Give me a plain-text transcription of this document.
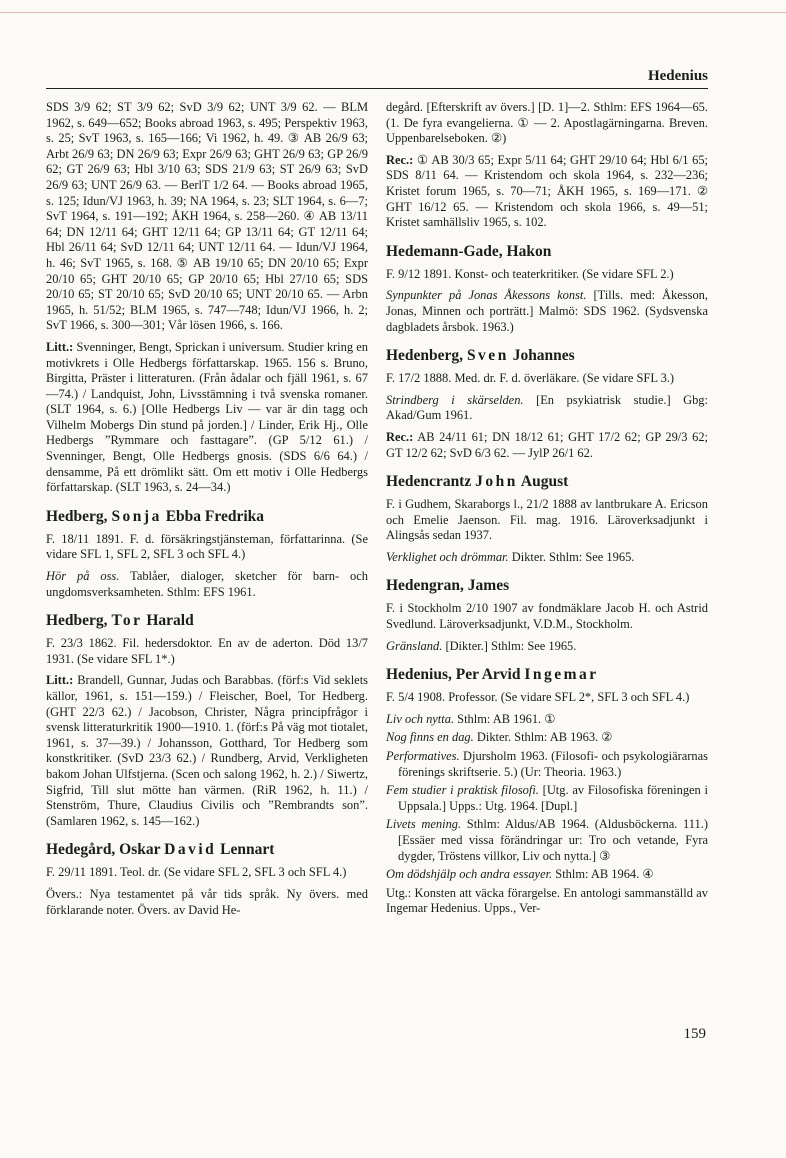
Hedenius

SDS 3/9 62; ST 3/9 62; SvD 3/9 62; UNT 3/9 62. — BLM 1962, s. 649—652; Books abroad 1963, s. 495; Perspektiv 1963, s. 25; SvT 1963, s. 165—166; Vi 1962, h. 49. ③ AB 26/9 63; Arbt 26/9 63; DN 26/9 63; Expr 26/9 63; GHT 26/9 63; GP 26/9 62; GT 26/9 63; Hbl 3/10 63; SDS 21/9 63; ST 26/9 63; SvD 26/9 63; UNT 26/9 63. — BerlT 1/2 64. — Books abroad 1965, s. 125; Idun/VJ 1963, h. 39; NA 1964, s. 23; SLT 1964, s. 6—7; SvT 1964, s. 191—192; ÅKH 1964, s. 258—260. ④ AB 13/11 64; DN 12/11 64; GHT 12/11 64; GP 13/11 64; GT 12/11 64; Hbl 26/11 64; SvD 12/11 64; UNT 12/11 64. — Idun/VJ 1964, h. 46; SvT 1965, s. 168. ⑤ AB 19/10 65; DN 20/10 65; Expr 20/10 65; GHT 20/10 65; GP 20/10 65; Hbl 27/10 65; SDS 20/10 65; ST 20/10 65; SvD 20/10 65; UNT 20/10 65. — Arbn 1965, h. 51/52; BLM 1965, s. 747—748; Idun/VJ 1966, h. 2; SvT 1966, s. 300—301; Vår lösen 1966, s. 166.

Litt.: Svenninger, Bengt, Sprickan i universum. Studier kring en motivkrets i Olle Hedbergs författarskap. 1965. 156 s. Bruno, Birgitta, Präster i litteraturen. (Från ådalar och fjäll 1961, s. 67—74.) / Landquist, John, Livsstämning i två svenska romaner. (SLT 1964, s. 6.) [Olle Hedbergs Liv — var är din tagg och Vilhelm Mobergs Din stund på jorden.] / Linder, Erik Hj., Olle Hedbergs ”Rymmare och fasttagare”. (GP 5/12 61.) / Svenninger, Bengt, Olle Hedbergs gnosis. (SDS 6/6 64.) / densamme, På ett drömlikt sätt. Om ett motiv i Olle Hedbergs författarskap. (SLT 1963, s. 24—34.)

Hedberg, Sonja Ebba Fredrika

F. 18/11 1891. F. d. försäkringstjänsteman, författarinna. (Se vidare SFL 1, SFL 2, SFL 3 och SFL 4.)

Hör på oss. Tablåer, dialoger, sketcher för barn- och ungdomsverksamheten. Sthlm: EFS 1961.

Hedberg, Tor Harald

F. 23/3 1862. Fil. hedersdoktor. En av de aderton. Död 13/7 1931. (Se vidare SFL 1*.)

Litt.: Brandell, Gunnar, Judas och Barabbas. (förf:s Vid seklets källor, 1961, s. 151—159.) / Fleischer, Boel, Tor Hedberg. (GHT 22/3 62.) / Jacobson, Christer, Några principfrågor i svensk litteraturkritik 1900—1910. 1. (förf:s På väg mot tiotalet, 1961, s. 37—39.) / Johansson, Gotthard, Tor Hedberg som konstkritiker. (SvD 23/3 62.) / Rundberg, Arvid, Verkligheten bakom Johan Ulfstjerna. (Scen och salong 1962, h. 2.) / Siwertz, Sigfrid, Till slut mötte han värmen. (RiR 1962, h. 11.) / Stenström, Thure, Claudius Civilis och ”Rembrandts son”. (Samlaren 1962, s. 145—162.)

Hedegård, Oskar David Lennart

F. 29/11 1891. Teol. dr. (Se vidare SFL 2, SFL 3 och SFL 4.)

Övers.: Nya testamentet på vår tids språk. Ny övers. med förklarande noter. Övers. av David He-

degård. [Efterskrift av övers.] [D. 1]—2. Sthlm: EFS 1964—65. (1. De fyra evangelierna. ① — 2. Apostlagärningarna. Breven. Uppenbarelseboken. ②)

Rec.: ① AB 30/3 65; Expr 5/11 64; GHT 29/10 64; Hbl 6/1 65; SDS 8/11 64. — Kristendom och skola 1964, s. 232—236; Kristet forum 1965, s. 70—71; ÅKH 1965, s. 169—171. ② GHT 16/12 65. — Kristendom och skola 1966, s. 49—51; Kristet samhällsliv 1965, s. 102.

Hedemann-Gade, Hakon

F. 9/12 1891. Konst- och teaterkritiker. (Se vidare SFL 2.)

Synpunkter på Jonas Åkessons konst. [Tills. med: Åkesson, Jonas, Minnen och porträtt.] Malmö: SDS 1962. (Sydsvenska dagbladets årsbok. 1963.)

Hedenberg, Sven Johannes

F. 17/2 1888. Med. dr. F. d. överläkare. (Se vidare SFL 3.)

Strindberg i skärselden. [En psykiatrisk studie.] Gbg: Akad/Gum 1961.

Rec.: AB 24/11 61; DN 18/12 61; GHT 17/2 62; GP 29/3 62; GT 12/2 62; SvD 6/3 62. — JylP 26/1 62.

Hedencrantz John August

F. i Gudhem, Skaraborgs l., 21/2 1888 av lantbrukare A. Ericson och Emelie Jaenson. Fil. mag. 1916. Läroverksadjunkt i Alingsås sedan 1937.

Verklighet och drömmar. Dikter. Sthlm: See 1965.

Hedengran, James

F. i Stockholm 2/10 1907 av fondmäklare Jacob H. och Astrid Svedlund. Läroverksadjunkt, V.D.M., Stockholm.

Gränsland. [Dikter.] Sthlm: See 1965.

Hedenius, Per Arvid Ingemar

F. 5/4 1908. Professor. (Se vidare SFL 2*, SFL 3 och SFL 4.)

Liv och nytta. Sthlm: AB 1961. ①

Nog finns en dag. Dikter. Sthlm: AB 1963. ②

Performatives. Djursholm 1963. (Filosofi- och psykologiärarnas förenings skriftserie. 5.) (Ur: Theoria. 1963.)

Fem studier i praktisk filosofi. [Utg. av Filosofiska föreningen i Uppsala.] Upps.: Utg. 1964. [Dupl.]

Livets mening. Sthlm: Aldus/AB 1964. (Aldusböckerna. 111.) [Essäer med vissa förändringar ur: Tro och vetande, Fyra dygder, Tröstens villkor, Liv och nytta.] ③

Om dödshjälp och andra essayer. Sthlm: AB 1964. ④

Utg.: Konsten att väcka förargelse. En antologi sammanställd av Ingemar Hedenius. Upps., Ver-

159
